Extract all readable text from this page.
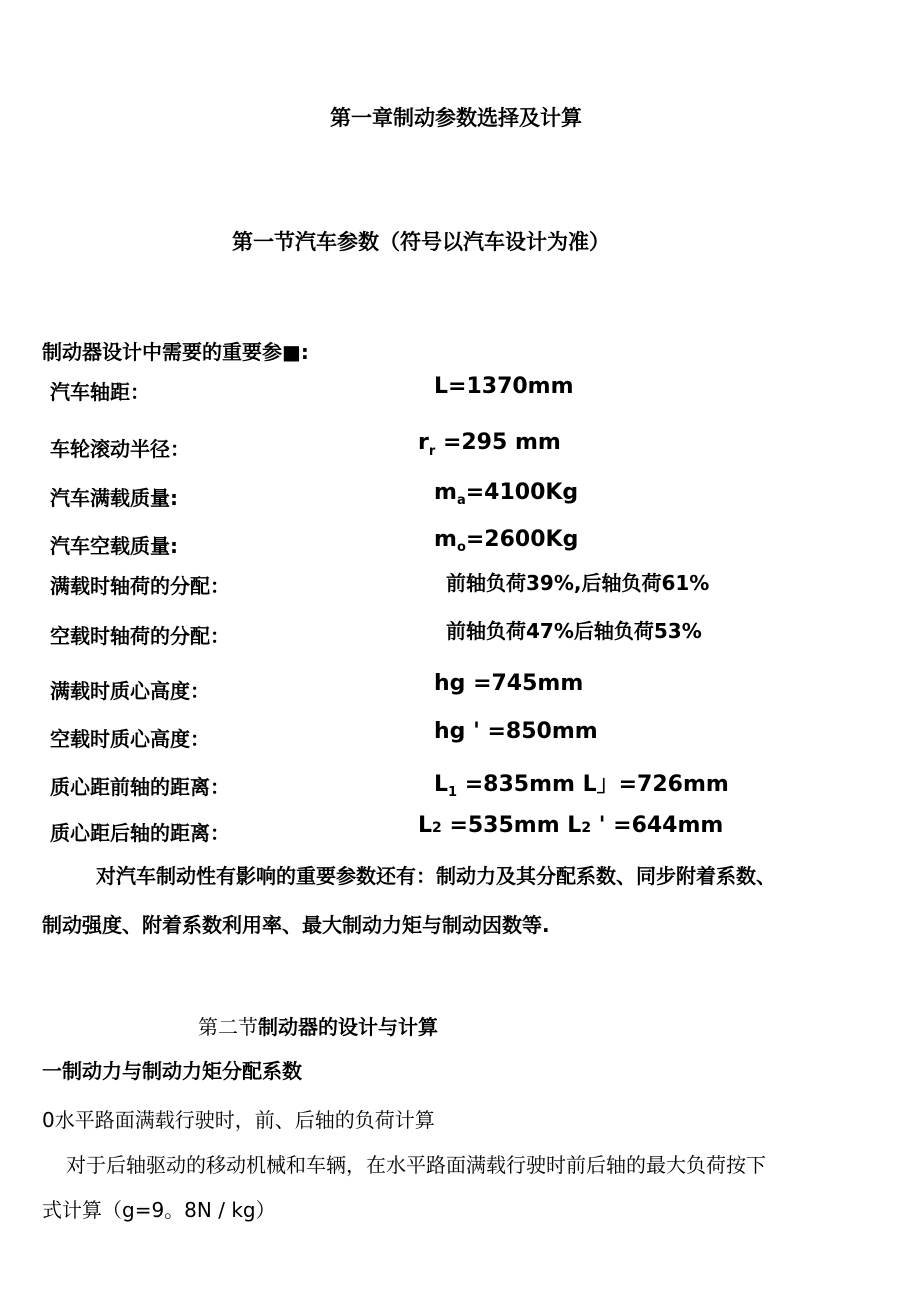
第一章制动参数选择及计算
第一节汽车参数（符号以汽车设计为准）
制动器设计中需要的重要参■:
汽车轴距：	L=1370mm
车轮滚动半径：	$r_r =295$ mm
汽车满载质量:	$m_a=4100Kg$
汽车空载质量:	$m_o=2600Kg$
满载时轴荷的分配：	前轴负荷39%,后轴负荷61%
空载时轴荷的分配：	前轴负荷47%后轴负荷53%
满载时质心高度：	hg =745mm
空载时质心高度：	hg ' =850mm
质心距前轴的距离：	$L_1 =835mm$ L」=726mm
质心距后轴的距离：	L2 =535mm L2 ' =644mm
对汽车制动性有影响的重要参数还有：制动力及其分配系数、同步附着系数、
制动强度、附着系数利用率、最大制动力矩与制动因数等.
第二节制动器的设计与计算
一制动力与制动力矩分配系数
0水平路面满载行驶时，前、后轴的负荷计算
对于后轴驱动的移动机械和车辆，在水平路面满载行驶时前后轴的最大负荷按下
式计算（g=9。8N / kg）
